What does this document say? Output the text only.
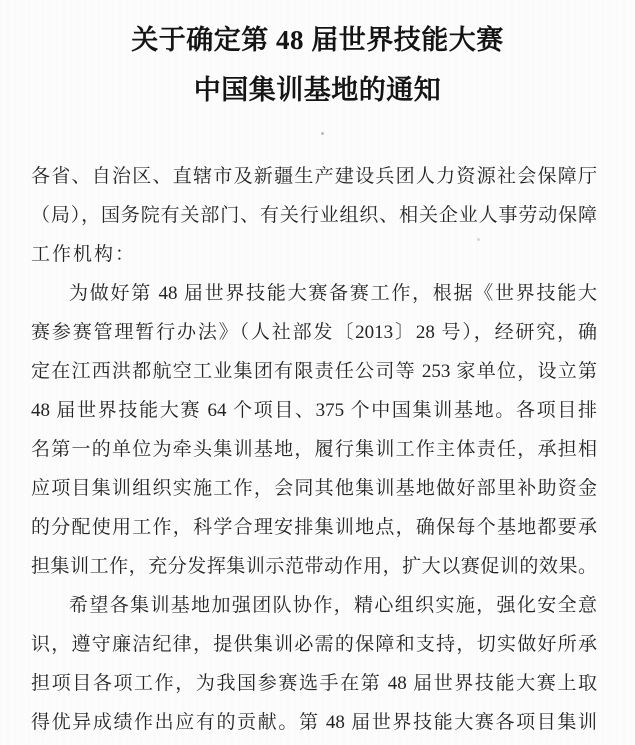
关于确定第 48 届世界技能大赛
中国集训基地的通知
各省、自治区、直辖市及新疆生产建设兵团人力资源社会保障厅
（局），国务院有关部门、有关行业组织、相关企业人事劳动保障
工作机构：
为做好第 48 届世界技能大赛备赛工作，根据《世界技能大
赛参赛管理暂行办法》（人社部发〔2013〕28 号），经研究，确
定在江西洪都航空工业集团有限责任公司等 253 家单位，设立第
48 届世界技能大赛 64 个项目、375 个中国集训基地。各项目排
名第一的单位为牵头集训基地，履行集训工作主体责任，承担相
应项目集训组织实施工作，会同其他集训基地做好部里补助资金
的分配使用工作，科学合理安排集训地点，确保每个基地都要承
担集训工作，充分发挥集训示范带动作用，扩大以赛促训的效果。
希望各集训基地加强团队协作，精心组织实施，强化安全意
识，遵守廉洁纪律，提供集训必需的保障和支持，切实做好所承
担项目各项工作，为我国参赛选手在第 48 届世界技能大赛上取
得优异成绩作出应有的贡献。第 48 届世界技能大赛各项目集训
